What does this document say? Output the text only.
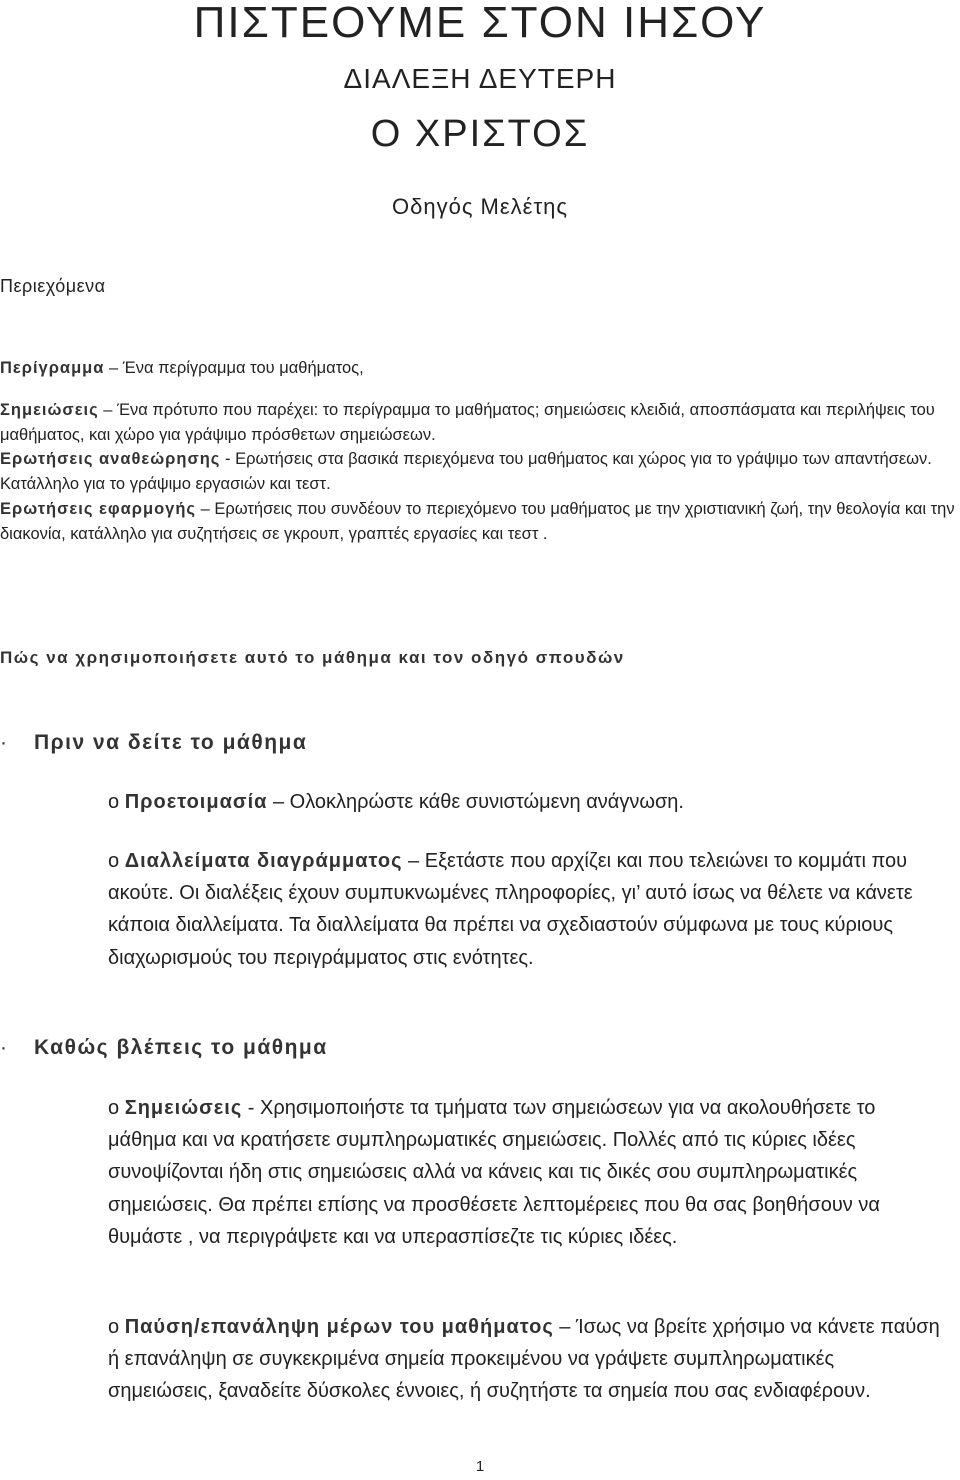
ΠΙΣΤΕΟΥΜΕ ΣΤΟΝ ΙΗΣΟΥ
ΔΙΑΛΕΞΗ ΔΕΥΤΕΡΗ
Ο ΧΡΙΣΤΟΣ
Οδηγός Μελέτης
Περιεχόμενα

Περίγραμμα – Ένα περίγραμμα του μαθήματος,

Σημειώσεις – Ένα πρότυπο που παρέχει: το περίγραμμα το μαθήματος; σημειώσεις κλειδιά, αποσπάσματα και περιλήψεις του μαθήματος, και χώρο για γράψιμο πρόσθετων σημειώσεων.

Ερωτήσεις αναθεώρησης - Ερωτήσεις στα βασικά περιεχόμενα του μαθήματος και χώρος για το γράψιμο των απαντήσεων. Κατάλληλο για το γράψιμο εργασιών και τεστ.

Ερωτήσεις εφαρμογής – Ερωτήσεις που συνδέουν το περιεχόμενο του μαθήματος με την χριστιανική ζωή, την θεολογία και την διακονία, κατάλληλο για συζητήσεις σε γκρουπ, γραπτές εργασίες και τεστ .

Πώς να χρησιμοποιήσετε αυτό το μάθημα και τον οδηγό σπουδών
· Πριν να δείτε το μάθημα
o Προετοιμασία – Ολοκληρώστε κάθε συνιστώμενη ανάγνωση.
o Διαλλείματα διαγράμματος – Εξετάστε που αρχίζει και που τελειώνει το κομμάτι που ακούτε. Οι διαλέξεις έχουν συμπυκνωμένες πληροφορίες, γι’ αυτό ίσως να θέλετε να κάνετε κάποια διαλλείματα. Τα διαλλείματα θα πρέπει να σχεδιαστούν σύμφωνα με τους κύριους διαχωρισμούς του περιγράμματος στις ενότητες.
· Καθώς βλέπεις το μάθημα
o Σημειώσεις - Χρησιμοποιήστε τα τμήματα των σημειώσεων για να ακολουθήσετε το μάθημα και να κρατήσετε συμπληρωματικές σημειώσεις. Πολλές από τις κύριες ιδέες συνοψίζονται ήδη στις σημειώσεις αλλά να κάνεις και τις δικές σου συμπληρωματικές σημειώσεις. Θα πρέπει επίσης να προσθέσετε λεπτομέρειες που θα σας βοηθήσουν να θυμάστε , να περιγράψετε και να υπερασπίσεζτε τις κύριες ιδέες.
o Παύση/επανάληψη μέρων του μαθήματος – Ίσως να βρείτε χρήσιμο να κάνετε παύση ή επανάληψη σε συγκεκριμένα σημεία προκειμένου να γράψετε συμπληρωματικές σημειώσεις, ξαναδείτε δύσκολες έννοιες, ή συζητήστε τα σημεία που σας ενδιαφέρουν.
1
